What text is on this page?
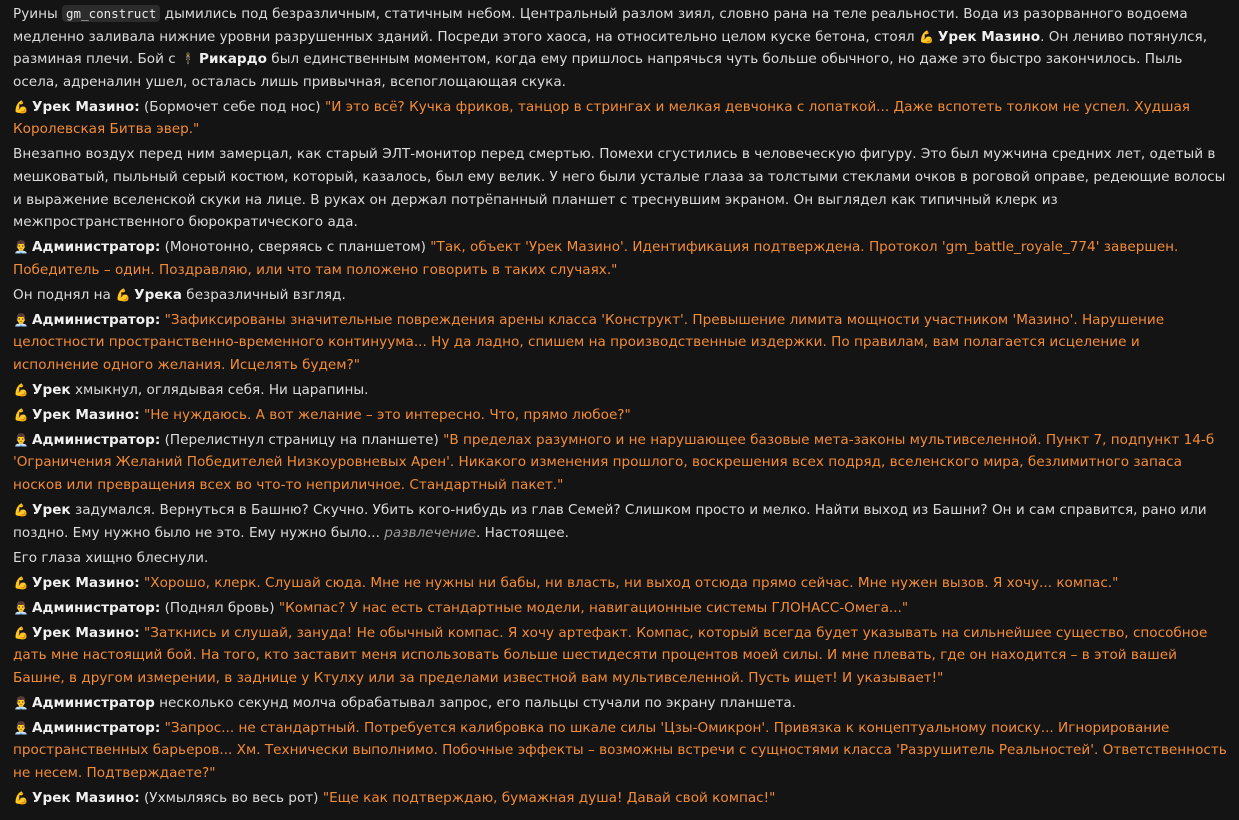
Руины gm_construct дымились под безразличным, статичным небом. Центральный разлом зиял, словно рана на теле реальности. Вода из разорванного водоема медленно заливала нижние уровни разрушенных зданий. Посреди этого хаоса, на относительно целом куске бетона, стоял 💪 Урек Мазино. Он лениво потянулся, разминая плечи. Бой с 🕴 Рикардо был единственным моментом, когда ему пришлось напрячься чуть больше обычного, но даже это быстро закончилось. Пыль осела, адреналин ушел, осталась лишь привычная, всепоглощающая скука.
💪 Урек Мазино: (Бормочет себе под нос) "И это всё? Кучка фриков, танцор в стрингах и мелкая девчонка с лопаткой... Даже вспотеть толком не успел. Худшая Королевская Битва эвер."
Внезапно воздух перед ним замерцал, как старый ЭЛТ-монитор перед смертью. Помехи сгустились в человеческую фигуру. Это был мужчина средних лет, одетый в мешковатый, пыльный серый костюм, который, казалось, был ему велик. У него были усталые глаза за толстыми стеклами очков в роговой оправе, редеющие волосы и выражение вселенской скуки на лице. В руках он держал потрёпанный планшет с треснувшим экраном. Он выглядел как типичный клерк из межпространственного бюрократического ада.
👨‍💼 Администратор: (Монотонно, сверяясь с планшетом) "Так, объект 'Урек Мазино'. Идентификация подтверждена. Протокол 'gm_battle_royale_774' завершен. Победитель – один. Поздравляю, или что там положено говорить в таких случаях."
Он поднял на 💪 Урека безразличный взгляд.
👨‍💼 Администратор: "Зафиксированы значительные повреждения арены класса 'Конструкт'. Превышение лимита мощности участником 'Мазино'. Нарушение целостности пространственно-временного континуума... Ну да ладно, спишем на производственные издержки. По правилам, вам полагается исцеление и исполнение одного желания. Исцелять будем?"
💪 Урек хмыкнул, оглядывая себя. Ни царапины.
💪 Урек Мазино: "Не нуждаюсь. А вот желание – это интересно. Что, прямо любое?"
👨‍💼 Администратор: (Перелистнул страницу на планшете) "В пределах разумного и не нарушающее базовые мета-законы мультивселенной. Пункт 7, подпункт 14-б 'Ограничения Желаний Победителей Низкоуровневых Арен'. Никакого изменения прошлого, воскрешения всех подряд, вселенского мира, безлимитного запаса носков или превращения всех во что-то неприличное. Стандартный пакет."
💪 Урек задумался. Вернуться в Башню? Скучно. Убить кого-нибудь из глав Семей? Слишком просто и мелко. Найти выход из Башни? Он и сам справится, рано или поздно. Ему нужно было не это. Ему нужно было... развлечение. Настоящее.
Его глаза хищно блеснули.
💪 Урек Мазино: "Хорошо, клерк. Слушай сюда. Мне не нужны ни бабы, ни власть, ни выход отсюда прямо сейчас. Мне нужен вызов. Я хочу... компас."
👨‍💼 Администратор: (Поднял бровь) "Компас? У нас есть стандартные модели, навигационные системы ГЛОНАСС-Омега..."
💪 Урек Мазино: "Заткнись и слушай, зануда! Не обычный компас. Я хочу артефакт. Компас, который всегда будет указывать на сильнейшее существо, способное дать мне настоящий бой. На того, кто заставит меня использовать больше шестидесяти процентов моей силы. И мне плевать, где он находится – в этой вашей Башне, в другом измерении, в заднице у Ктулху или за пределами известной вам мультивселенной. Пусть ищет! И указывает!"
👨‍💼 Администратор несколько секунд молча обрабатывал запрос, его пальцы стучали по экрану планшета.
👨‍💼 Администратор: "Запрос... не стандартный. Потребуется калибровка по шкале силы 'Цзы-Омикрон'. Привязка к концептуальному поиску... Игнорирование пространственных барьеров... Хм. Технически выполнимо. Побочные эффекты – возможны встречи с сущностями класса 'Разрушитель Реальностей'. Ответственность не несем. Подтверждаете?"
💪 Урек Мазино: (Ухмыляясь во весь рот) "Еще как подтверждаю, бумажная душа! Давай свой компас!"
